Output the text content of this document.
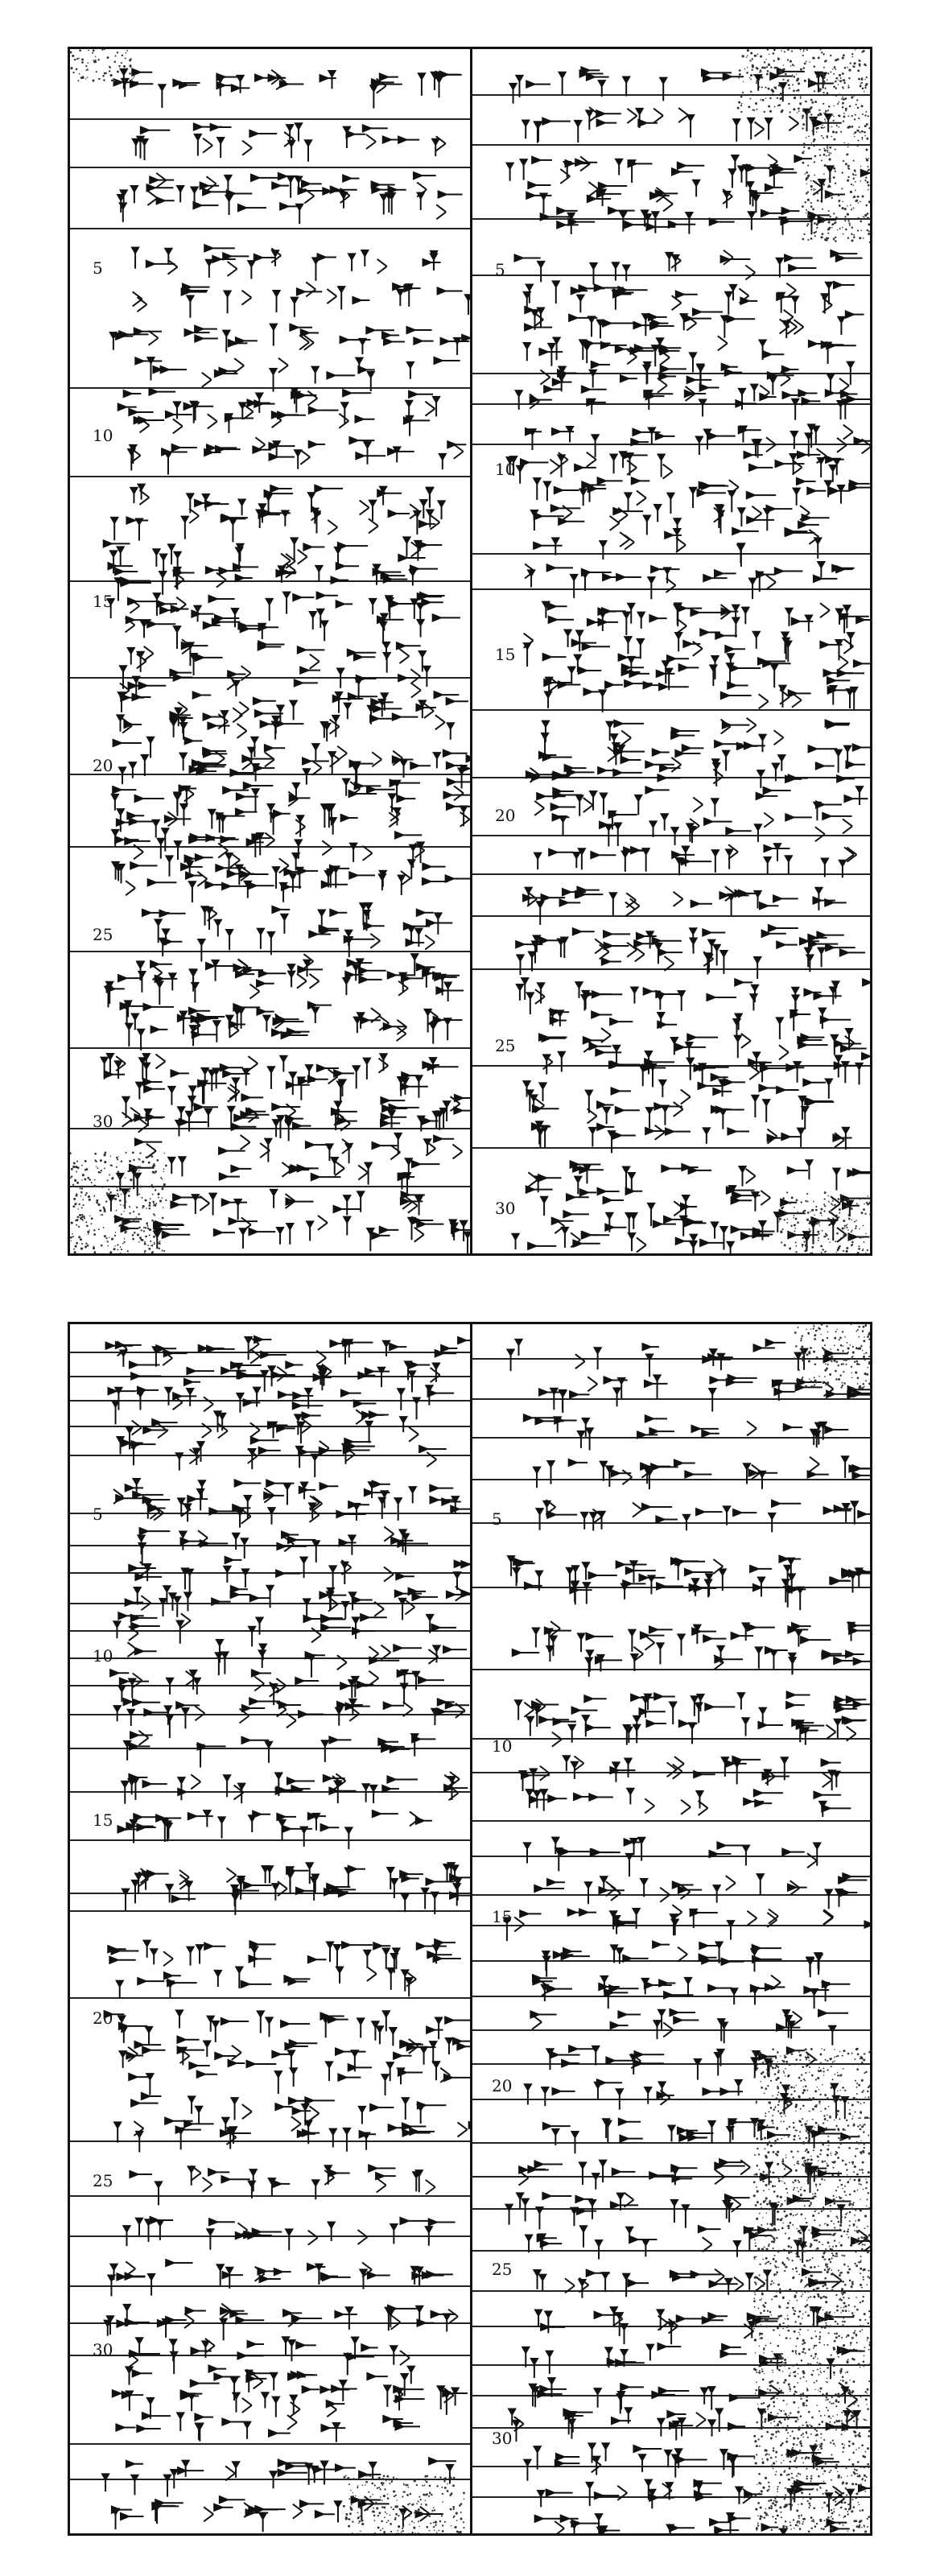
5
10
15
20
25
30
5
10
15
20
25
30
5
10
15
20
25
30
5
10
15
20
25
30
